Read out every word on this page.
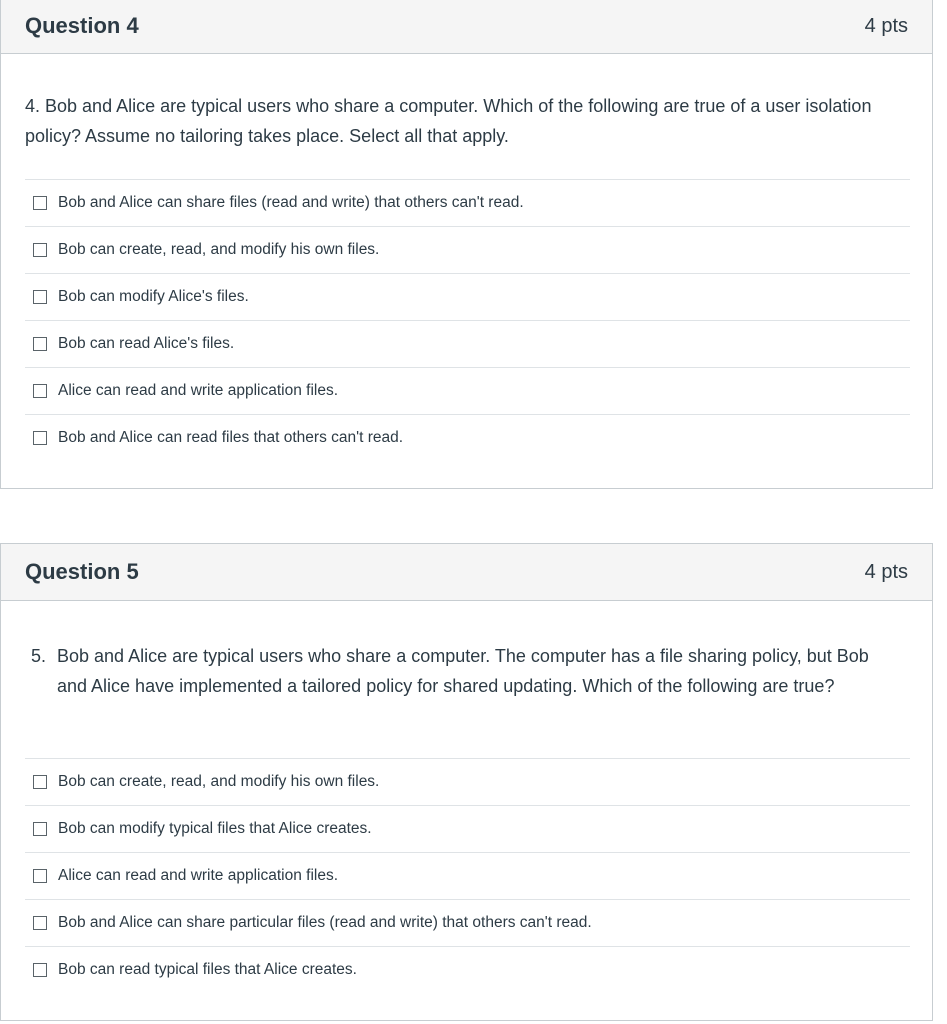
Question 4	4 pts
4. Bob and Alice are typical users who share a computer. Which of the following are true of a user isolation policy? Assume no tailoring takes place. Select all that apply.
Bob and Alice can share files (read and write) that others can't read.
Bob can create, read, and modify his own files.
Bob can modify Alice's files.
Bob can read Alice's files.
Alice can read and write application files.
Bob and Alice can read files that others can't read.
Question 5	4 pts
5. Bob and Alice are typical users who share a computer. The computer has a file sharing policy, but Bob and Alice have implemented a tailored policy for shared updating. Which of the following are true?
Bob can create, read, and modify his own files.
Bob can modify typical files that Alice creates.
Alice can read and write application files.
Bob and Alice can share particular files (read and write) that others can't read.
Bob can read typical files that Alice creates.
